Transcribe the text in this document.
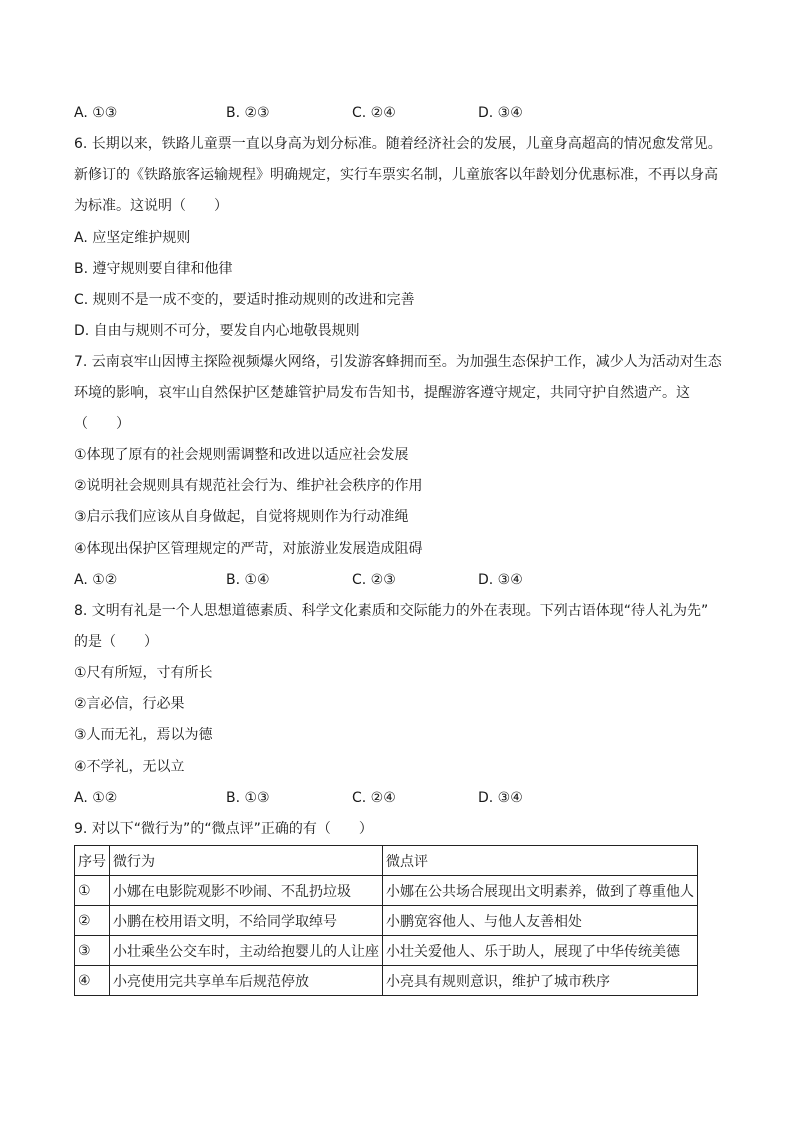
A. ①③	B. ②③	C. ②④	D. ③④
6. 长期以来，铁路儿童票一直以身高为划分标准。随着经济社会的发展，儿童身高超高的情况愈发常见。
新修订的《铁路旅客运输规程》明确规定，实行车票实名制，儿童旅客以年龄划分优惠标准，不再以身高
为标准。这说明（　　）
A. 应坚定维护规则
B. 遵守规则要自律和他律
C. 规则不是一成不变的，要适时推动规则的改进和完善
D. 自由与规则不可分，要发自内心地敬畏规则
7. 云南哀牢山因博主探险视频爆火网络，引发游客蜂拥而至。为加强生态保护工作，减少人为活动对生态
环境的影响，哀牢山自然保护区楚雄管护局发布告知书，提醒游客遵守规定，共同守护自然遗产。这
（　　）
①体现了原有的社会规则需调整和改进以适应社会发展
②说明社会规则具有规范社会行为、维护社会秩序的作用
③启示我们应该从自身做起，自觉将规则作为行动准绳
④体现出保护区管理规定的严苛，对旅游业发展造成阻碍
A. ①②	B. ①④	C. ②③	D. ③④
8. 文明有礼是一个人思想道德素质、科学文化素质和交际能力的外在表现。下列古语体现“待人礼为先”
的是（　　）
①尺有所短，寸有所长
②言必信，行必果
③人而无礼，焉以为德
④不学礼，无以立
A. ①②	B. ①③	C. ②④	D. ③④
9. 对以下“微行为”的“微点评”正确的有（　　）
序号	微行为	微点评
①	小娜在电影院观影不吵闹、不乱扔垃圾	小娜在公共场合展现出文明素养，做到了尊重他人
②	小鹏在校用语文明，不给同学取绰号	小鹏宽容他人、与他人友善相处
③	小壮乘坐公交车时，主动给抱婴儿的人让座	小壮关爱他人、乐于助人，展现了中华传统美德
④	小亮使用完共享单车后规范停放	小亮具有规则意识，维护了城市秩序
